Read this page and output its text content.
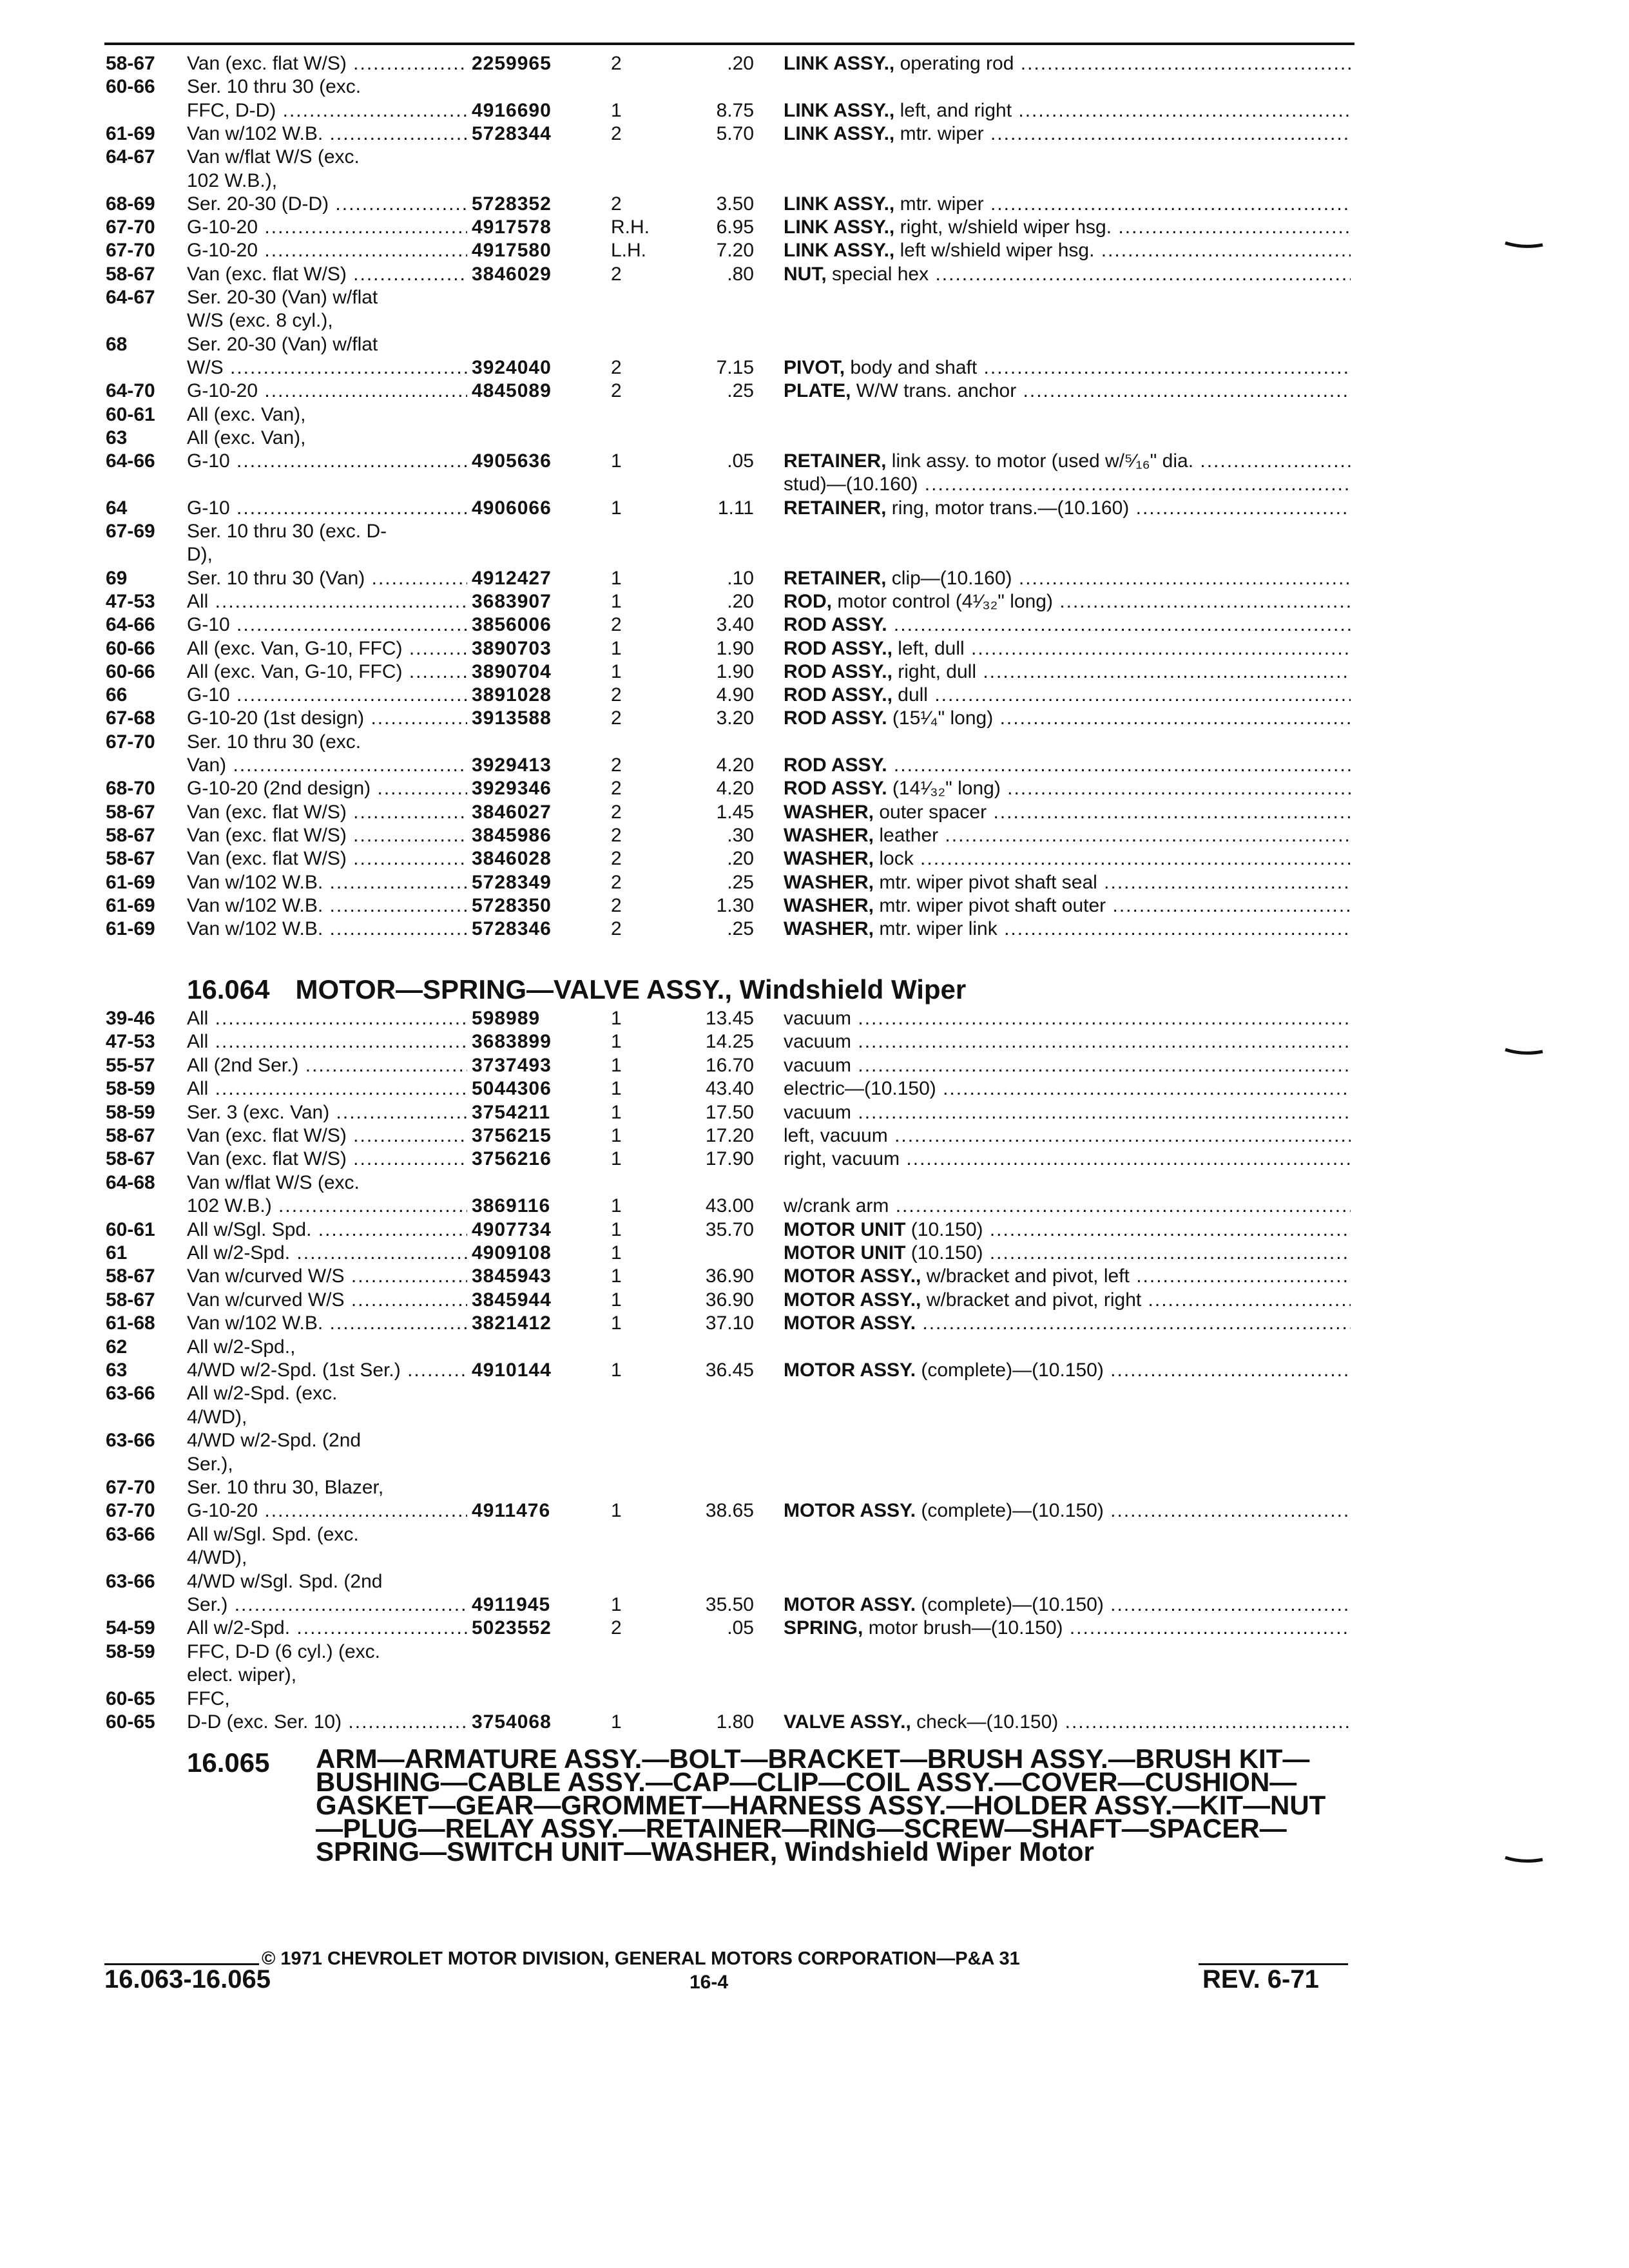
58-67 Van (exc. flat W/S) .....	2259965	2	.20 LINK ASSY., operating rod .....
60-66 Ser. 10 thru 30 (exc.
FFC, D-D) .....	4916690	1	8.75 LINK ASSY., left, and right .....
61-69 Van w/102 W.B. .....	5728344	2	5.70 LINK ASSY., mtr. wiper .....
64-67 Van w/flat W/S (exc.
102 W.B.),
68-69 Ser. 20-30 (D-D) .....	5728352	2	3.50 LINK ASSY., mtr. wiper .....
67-70 G-10-20 .....	4917578	R.H.	6.95 LINK ASSY., right, w/shield wiper hsg. .....
67-70 G-10-20 .....	4917580	L.H.	7.20 LINK ASSY., left w/shield wiper hsg. .....
58-67 Van (exc. flat W/S) .....	3846029	2	.80 NUT, special hex .....
64-67 Ser. 20-30 (Van) w/flat
W/S (exc. 8 cyl.),
68	Ser. 20-30 (Van) w/flat
W/S .....	3924040	2	7.15 PIVOT, body and shaft .....
64-70 G-10-20 .....	4845089	2	.25 PLATE, W/W trans. anchor .....
60-61 All (exc. Van),
63	All (exc. Van),
64-66 G-10 .....	4905636	1	.05 RETAINER, link assy. to motor (used w/⁵⁄₁₆" dia. .....
stud)—(10.160) .....
64	G-10 .....	4906066	1	1.11 RETAINER, ring, motor trans.—(10.160) .....
67-69 Ser. 10 thru 30 (exc. D-
D),
69	Ser. 10 thru 30 (Van) .....	4912427	1	.10 RETAINER, clip—(10.160) .....
47-53 All .....	3683907	1	.20 ROD, motor control (4¹⁄₃₂" long) .....
64-66 G-10 .....	3856006	2	3.40 ROD ASSY. .....
60-66 All (exc. Van, G-10, FFC) .....	3890703	1	1.90 ROD ASSY., left, dull .....
60-66 All (exc. Van, G-10, FFC) .....	3890704	1	1.90 ROD ASSY., right, dull .....
66	G-10 .....	3891028	2	4.90 ROD ASSY., dull .....
67-68 G-10-20 (1st design) .....	3913588	2	3.20 ROD ASSY. (15¹⁄₄" long) .....
67-70 Ser. 10 thru 30 (exc.
Van) .....	3929413	2	4.20 ROD ASSY. .....
68-70 G-10-20 (2nd design) .....	3929346	2	4.20 ROD ASSY. (14¹⁄₃₂" long) .....
58-67 Van (exc. flat W/S) .....	3846027	2	1.45 WASHER, outer spacer .....
58-67 Van (exc. flat W/S) .....	3845986	2	.30 WASHER, leather .....
58-67 Van (exc. flat W/S) .....	3846028	2	.20 WASHER, lock .....
61-69 Van w/102 W.B. .....	5728349	2	.25 WASHER, mtr. wiper pivot shaft seal .....
61-69 Van w/102 W.B. .....	5728350	2	1.30 WASHER, mtr. wiper pivot shaft outer .....
61-69 Van w/102 W.B. .....	5728346	2	.25 WASHER, mtr. wiper link .....
16.064 MOTOR—SPRING—VALVE ASSY., Windshield Wiper
39-46 All .....	598989	1	13.45 vacuum .....
47-53 All .....	3683899	1	14.25 vacuum .....
55-57 All (2nd Ser.) .....	3737493	1	16.70 vacuum .....
58-59 All .....	5044306	1	43.40 electric—(10.150) .....
58-59 Ser. 3 (exc. Van) .....	3754211	1	17.50 vacuum .....
58-67 Van (exc. flat W/S) .....	3756215	1	17.20 left, vacuum .....
58-67 Van (exc. flat W/S) .....	3756216	1	17.90 right, vacuum .....
64-68 Van w/flat W/S (exc.
102 W.B.) .....	3869116	1	43.00 w/crank arm .....
60-61 All w/Sgl. Spd. .....	4907734	1	35.70 MOTOR UNIT (10.150) .....
61	All w/2-Spd. .....	4909108	1	MOTOR UNIT (10.150) .....
58-67 Van w/curved W/S .....	3845943	1	36.90 MOTOR ASSY., w/bracket and pivot, left .....
58-67 Van w/curved W/S .....	3845944	1	36.90 MOTOR ASSY., w/bracket and pivot, right .....
61-68 Van w/102 W.B. .....	3821412	1	37.10 MOTOR ASSY. .....
62	All w/2-Spd.,
63	4/WD w/2-Spd. (1st Ser.) .....	4910144	1	36.45 MOTOR ASSY. (complete)—(10.150) .....
63-66 All w/2-Spd. (exc.
4/WD),
63-66 4/WD w/2-Spd. (2nd
Ser.),
67-70 Ser. 10 thru 30, Blazer,
67-70 G-10-20 .....	4911476	1	38.65 MOTOR ASSY. (complete)—(10.150) .....
63-66 All w/Sgl. Spd. (exc.
4/WD),
63-66 4/WD w/Sgl. Spd. (2nd
Ser.) .....	4911945	1	35.50 MOTOR ASSY. (complete)—(10.150) .....
54-59 All w/2-Spd. .....	5023552	2	.05 SPRING, motor brush—(10.150) .....
58-59 FFC, D-D (6 cyl.) (exc.
elect. wiper),
60-65 FFC,
60-65 D-D (exc. Ser. 10) .....	3754068	1	1.80 VALVE ASSY., check—(10.150) .....
16.065 ARM—ARMATURE ASSY.—BOLT—BRACKET—BRUSH ASSY.—BRUSH KIT—BUSHING—CABLE ASSY.—CAP—CLIP—COIL ASSY.—COVER—CUSHION—GASKET—GEAR—GROMMET—HARNESS ASSY.—HOLDER ASSY.—KIT—NUT—PLUG—RELAY ASSY.—RETAINER—RING—SCREW—SHAFT—SPACER—SPRING—SWITCH UNIT—WASHER, Windshield Wiper Motor
© 1971 CHEVROLET MOTOR DIVISION, GENERAL MOTORS CORPORATION—P&A 31
16.063-16.065	16-4	REV. 6-71
